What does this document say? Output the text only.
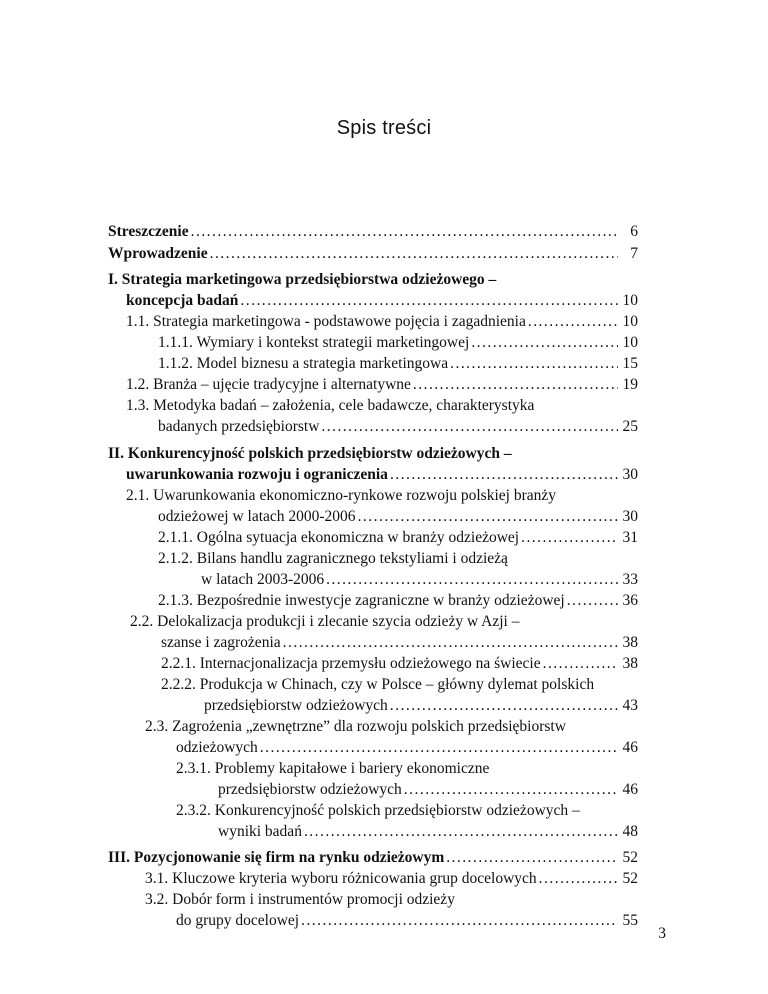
Spis treści
Streszczenie . . .	6
Wprowadzenie . . .	7
I. Strategia marketingowa przedsiębiorstwa odzieżowego –
koncepcja badań . . .	10
1.1. Strategia marketingowa - podstawowe pojęcia i zagadnienia . . .	10
1.1.1. Wymiary i kontekst strategii marketingowej . . .	10
1.1.2. Model biznesu a strategia marketingowa . . .	15
1.2. Branża – ujęcie tradycyjne i alternatywne . . .	19
1.3. Metodyka badań – założenia, cele badawcze, charakterystyka
badanych przedsiębiorstw . . .	25
II. Konkurencyjność polskich przedsiębiorstw odzieżowych –
uwarunkowania rozwoju i ograniczenia . . .	30
2.1. Uwarunkowania ekonomiczno-rynkowe rozwoju polskiej branży
odzieżowej w latach 2000-2006 . . .	30
2.1.1. Ogólna sytuacja ekonomiczna w branży odzieżowej . . .	31
2.1.2. Bilans handlu zagranicznego tekstyliami i odzieżą
w latach 2003-2006 . . .	33
2.1.3. Bezpośrednie inwestycje zagraniczne w branży odzieżowej . . .	36
2.2. Delokalizacja produkcji i zlecanie szycia odzieży w Azji –
szanse i zagrożenia . . .	38
2.2.1. Internacjonalizacja przemysłu odzieżowego na świecie . . .	38
2.2.2. Produkcja w Chinach, czy w Polsce – główny dylemat polskich
przedsiębiorstw odzieżowych . . .	43
2.3. Zagrożenia „zewnętrzne” dla rozwoju polskich przedsiębiorstw
odzieżowych . . .	46
2.3.1. Problemy kapitałowe i bariery ekonomiczne
przedsiębiorstw odzieżowych . . .	46
2.3.2. Konkurencyjność polskich przedsiębiorstw odzieżowych –
wyniki badań . . .	48
III. Pozycjonowanie się firm na rynku odzieżowym . . .	52
3.1. Kluczowe kryteria wyboru różnicowania grup docelowych . . .	52
3.2. Dobór form i instrumentów promocji odzieży
do grupy docelowej . . .	55
3
